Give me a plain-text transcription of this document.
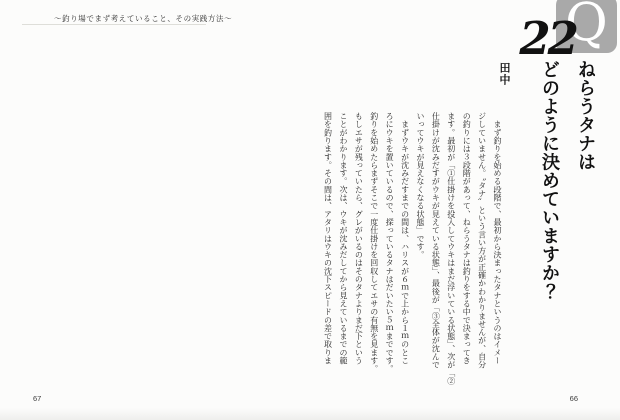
〜釣り場でまず考えていること、その実践方法〜
67
Q
22
ねらうタナは
どのように決めていますか？
田中
　まず釣りを始める段階で、最初から決まったタナというのはイメー
ジしていません。〝タナ〟という言い方が正確かわかりませんが、自分
の釣りには３段階があって、ねらうタナは釣りをする中で決まってき
ます。最初が「①仕掛けを投入してウキはまだ浮いている状態」、次が「②
仕掛けが沈みだすがウキが見えている状態」、最後が「③全体が沈んで
いってウキが見えなくなる状態」です。
　まずウキが沈みだすまでの間は、ハリスが６ｍで上から１ｍのとこ
ろにウキを置いているので、探っているタナはだいたい５ｍまでです。
釣りを始めたらまずそこで一度仕掛けを回収してエサの有無を見ます。
もしエサが残っていたら、グレがいるのはそのタナよりまだ下という
ことがわかります。次は、ウキが沈みだしてから見えているまでの範
囲を釣ります。その間は、アタリはウキの沈下スピードの差で取りま
66
